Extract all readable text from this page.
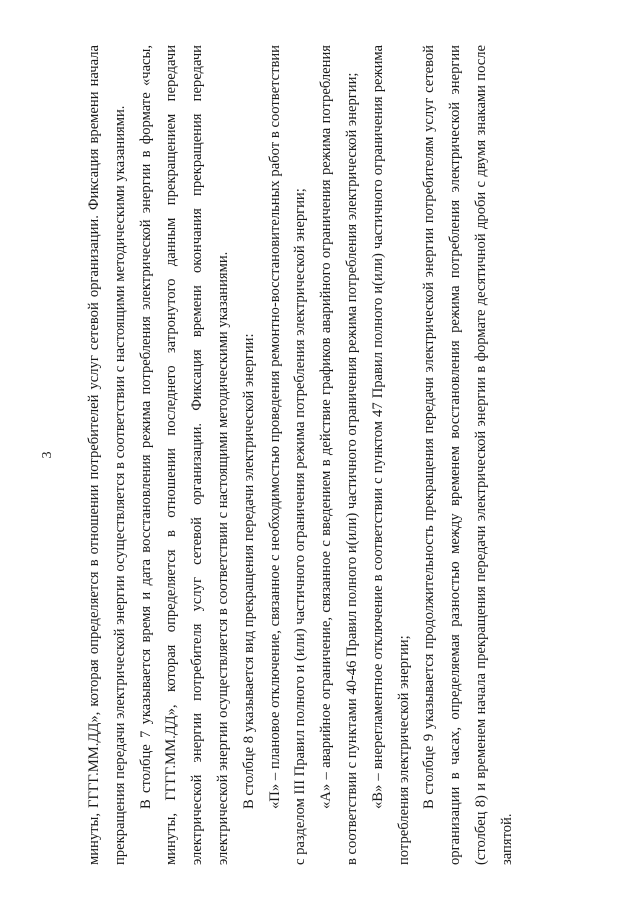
3 минуты, ГГГГ.ММ.ДД», которая определяется в отношении потребителей услуг сетевой организации. Фиксация времени начала прекращения передачи электрической энергии осуществляется в соответствии с настоящими методическими указаниями. В столбце 7 указывается время и дата восстановления режима потребления электрической энергии в формате «часы, минуты, ГГГГ.ММ.ДД», которая определяется в отношении последнего затронутого данным прекращением передачи электрической энергии потребителя услуг сетевой организации. Фиксация времени окончания прекращения передачи электрической энергии осуществляется в соответствии с настоящими методическими указаниями. В столбце 8 указывается вид прекращения передачи электрической энергии: «П» – плановое отключение, связанное с необходимостью проведения ремонтно-восстановительных работ в соответствии с разделом III Правил полного и (или) частичного ограничения режима потребления электрической энергии; «А» – аварийное ограничение, связанное с введением в действие графиков аварийного ограничения режима потребления в соответствии с пунктами 40-46 Правил полного и(или) частичного ограничения режима потребления электрической энергии; «В» – внерегламентное отключение в соответствии с пунктом 47 Правил полного и(или) частичного ограничения режима потребления электрической энергии; В столбце 9 указывается продолжительность прекращения передачи электрической энергии потребителям услуг сетевой организации в часах, определяемая разностью между временем восстановления режима потребления электрической энергии (столбец 8) и временем начала прекращения передачи электрической энергии в формате десятичной дроби с двумя знаками после запятой.
